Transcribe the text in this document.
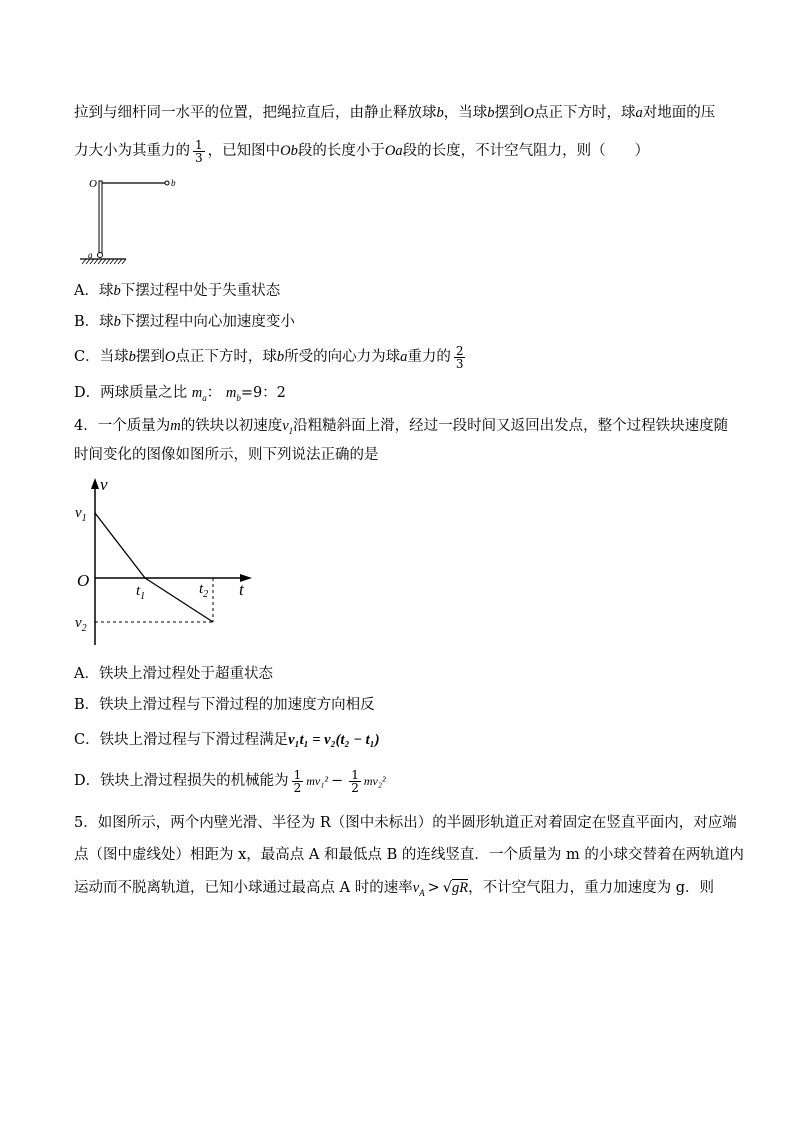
拉到与细杆同一水平的位置，把绳拉直后，由静止释放球b，当球b摆到O点正下方时，球a对地面的压
力大小为其重力的 $\frac{1}{3}$ ，已知图中Ob段的长度小于Oa段的长度，不计空气阻力，则（　　）
O	b
a
A．球b下摆过程中处于失重状态
B．球b下摆过程中向心加速度变小
C．当球b摆到O点正下方时，球b所受的向心力为球a重力的 $\frac{2}{3}$
D．两球质量之比 $m_a$： $m_b=9$：2
4．一个质量为m的铁块以初速度$v_1$沿粗糙斜面上滑，经过一段时间又返回出发点，整个过程铁块速度随
时间变化的图像如图所示，则下列说法正确的是
v
t
O
$v_1$
$t_1$	$t_2$
$v_2$
A．铁块上滑过程处于超重状态
B．铁块上滑过程与下滑过程的加速度方向相反
C．铁块上滑过程与下滑过程满足v₁t₁ = v₂(t₂ − t₁)
D．铁块上滑过程损失的机械能为 $\frac{1}{2} mv_1^2 - \frac{1}{2} mv_2^2$
5．如图所示，两个内壁光滑、半径为 R（图中未标出）的半圆形轨道正对着固定在竖直平面内，对应端
点（图中虚线处）相距为 x，最高点 A 和最低点 B 的连线竖直．一个质量为 m 的小球交替着在两轨道内
运动而不脱离轨道，已知小球通过最高点 A 时的速率$v_A > √gR$，不计空气阻力，重力加速度为 g．则
